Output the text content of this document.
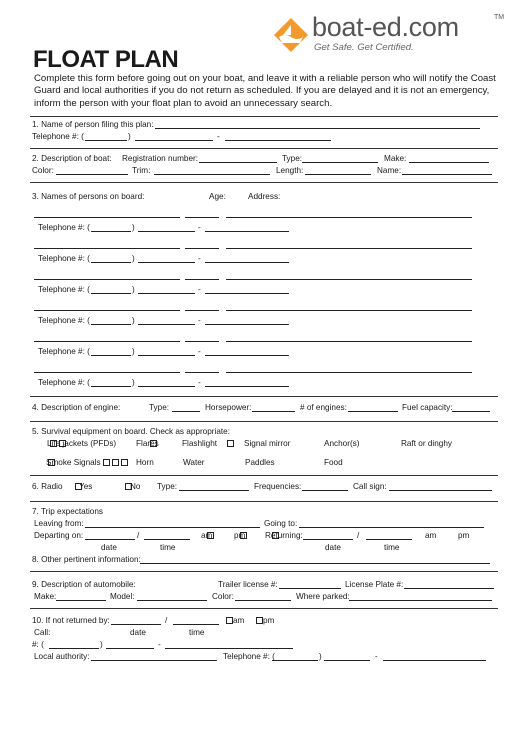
boat-ed.com	TM
Get Safe. Get Certified.
FLOAT PLAN
Complete this form before going out on your boat, and leave it with a reliable person who will notify the Coast Guard and local authorities if you do not return as scheduled. If you are delayed and it is not an emergency, inform the person with your float plan to avoid an unnecessary search.
1. Name of person filing this plan:
Telephone #: (	)	-
2. Description of boat: Registration number:	Type:	Make:
Color:	Trim:	Length:	Name:
3. Names of persons on board:	Age:	Address:
Telephone #: (	)	-
Telephone #: (	)	-
Telephone #: (	)	-
Telephone #: (	)	-
Telephone #: (	)	-
Telephone #: (	)	-
4. Description of engine:	Type:	Horsepower:	# of engines:	Fuel capacity:
5. Survival equipment on board. Check as appropriate:
Life jackets (PFDs) Flares	Flashlight	Signal mirror	Anchor(s)	Raft or dinghy
Smoke Signals	Horn	Water	Paddles	Food
6. Radio Yes	No Type:	Frequencies:	Call sign:
7. Trip expectations
Leaving from:	Going to:
Departing on:	/	am	pm Returning:	/	am	pm
date	time	date	time
8. Other pertinent information:
9. Description of automobile:	Trailer license #:	License Plate #:
Make:	Model:	Color:	Where parked:
10. If not returned by:	/	am pm
Call:	date	time
#: (	)	-
Local authority:	Telephone #: (	)	-
